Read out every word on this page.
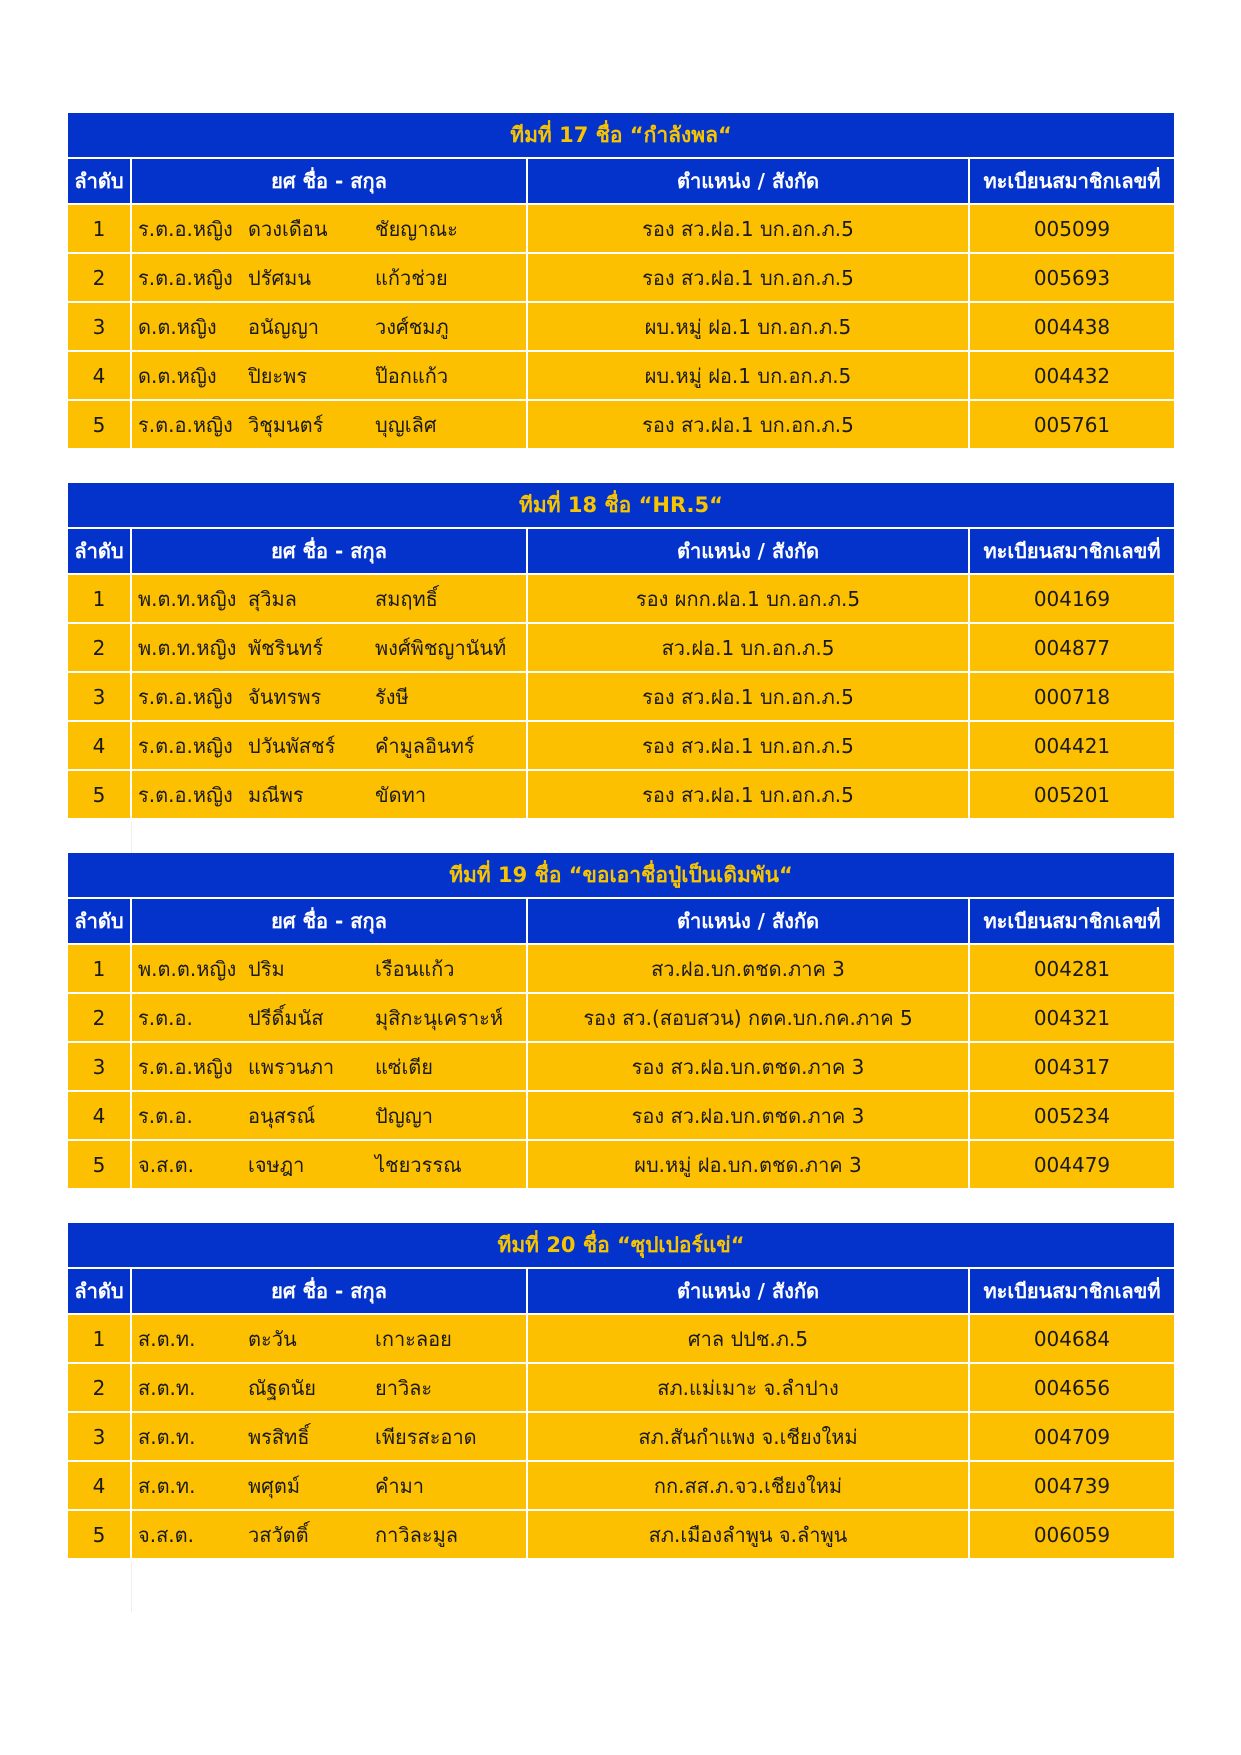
ทีมที่ 17 ชื่อ “กำลังพล“
ลำดับ	ยศ ชื่อ - สกุล	ตำแหน่ง / สังกัด	ทะเบียนสมาชิกเลขที่
1	ร.ต.อ.หญิง ดวงเดือน	ชัยญาณะ	รอง สว.ฝอ.1 บก.อก.ภ.5	005099
2	ร.ต.อ.หญิง ปรัศมน	แก้วช่วย	รอง สว.ฝอ.1 บก.อก.ภ.5	005693
3	ด.ต.หญิง	อนัญญา	วงศ์ชมภู	ผบ.หมู่ ฝอ.1 บก.อก.ภ.5	004438
4	ด.ต.หญิง	ปิยะพร	ป๊อกแก้ว	ผบ.หมู่ ฝอ.1 บก.อก.ภ.5	004432
5	ร.ต.อ.หญิง วิชุมนตร์	บุญเลิศ	รอง สว.ฝอ.1 บก.อก.ภ.5	005761
ทีมที่ 18 ชื่อ “HR.5“
ลำดับ	ยศ ชื่อ - สกุล	ตำแหน่ง / สังกัด	ทะเบียนสมาชิกเลขที่
1	พ.ต.ท.หญิง สุวิมล	สมฤทธิ์	รอง ผกก.ฝอ.1 บก.อก.ภ.5	004169
2	พ.ต.ท.หญิง พัชรินทร์	พงศ์พิชญานันท์	สว.ฝอ.1 บก.อก.ภ.5	004877
3	ร.ต.อ.หญิง จันทรพร	รังษี	รอง สว.ฝอ.1 บก.อก.ภ.5	000718
4	ร.ต.อ.หญิง ปวันพัสชร์	คำมูลอินทร์	รอง สว.ฝอ.1 บก.อก.ภ.5	004421
5	ร.ต.อ.หญิง มณีพร	ขัดทา	รอง สว.ฝอ.1 บก.อก.ภ.5	005201
ทีมที่ 19 ชื่อ “ขอเอาชื่อปู่เป็นเดิมพัน“
ลำดับ	ยศ ชื่อ - สกุล	ตำแหน่ง / สังกัด	ทะเบียนสมาชิกเลขที่
1	พ.ต.ต.หญิง ปริม	เรือนแก้ว	สว.ฝอ.บก.ตชด.ภาค 3	004281
2	ร.ต.อ.	ปรีดิ์มนัส	มุสิกะนุเคราะห์	รอง สว.(สอบสวน) กตค.บก.กค.ภาค 5	004321
3	ร.ต.อ.หญิง แพรวนภา	แซ่เตีย	รอง สว.ฝอ.บก.ตชด.ภาค 3	004317
4	ร.ต.อ.	อนุสรณ์	ปัญญา	รอง สว.ฝอ.บก.ตชด.ภาค 3	005234
5	จ.ส.ต.	เจษฎา	ไชยวรรณ	ผบ.หมู่ ฝอ.บก.ตชด.ภาค 3	004479
ทีมที่ 20 ชื่อ “ซุปเปอร์แข่“
ลำดับ	ยศ ชื่อ - สกุล	ตำแหน่ง / สังกัด	ทะเบียนสมาชิกเลขที่
1	ส.ต.ท.	ตะวัน	เกาะลอย	ศาล ปปช.ภ.5	004684
2	ส.ต.ท.	ณัฐดนัย	ยาวิละ	สภ.แม่เมาะ จ.ลำปาง	004656
3	ส.ต.ท.	พรสิทธิ์	เพียรสะอาด	สภ.สันกำแพง จ.เชียงใหม่	004709
4	ส.ต.ท.	พศุตม์	คำมา	กก.สส.ภ.จว.เชียงใหม่	004739
5	จ.ส.ต.	วสวัตติ์	กาวิละมูล	สภ.เมืองลำพูน จ.ลำพูน	006059
